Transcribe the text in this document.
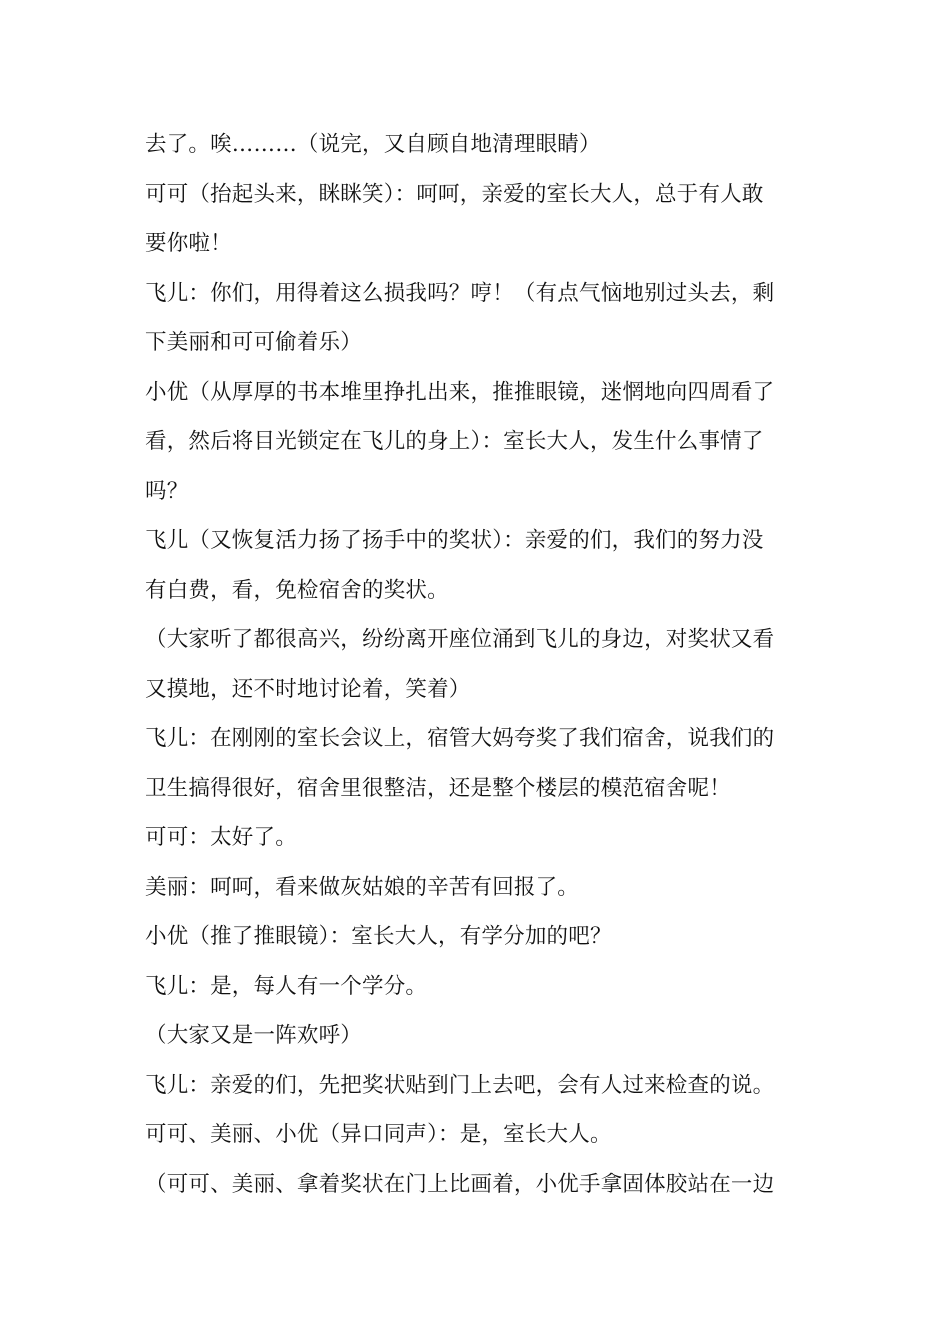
去了。唉………（说完，又自顾自地清理眼睛）
可可（抬起头来，眯眯笑）：呵呵，亲爱的室长大人，总于有人敢
要你啦！
飞儿：你们，用得着这么损我吗？哼！（有点气恼地别过头去，剩
下美丽和可可偷着乐）
小优（从厚厚的书本堆里挣扎出来，推推眼镜，迷惘地向四周看了
看，然后将目光锁定在飞儿的身上）：室长大人，发生什么事情了
吗？
飞儿（又恢复活力扬了扬手中的奖状）：亲爱的们，我们的努力没
有白费，看，免检宿舍的奖状。
（大家听了都很高兴，纷纷离开座位涌到飞儿的身边，对奖状又看
又摸地，还不时地讨论着，笑着）
飞儿：在刚刚的室长会议上，宿管大妈夸奖了我们宿舍，说我们的
卫生搞得很好，宿舍里很整洁，还是整个楼层的模范宿舍呢！
可可：太好了。
美丽：呵呵，看来做灰姑娘的辛苦有回报了。
小优（推了推眼镜）：室长大人，有学分加的吧？
飞儿：是，每人有一个学分。
（大家又是一阵欢呼）
飞儿：亲爱的们，先把奖状贴到门上去吧，会有人过来检查的说。
可可、美丽、小优（异口同声）：是，室长大人。
（可可、美丽、拿着奖状在门上比画着，小优手拿固体胶站在一边
